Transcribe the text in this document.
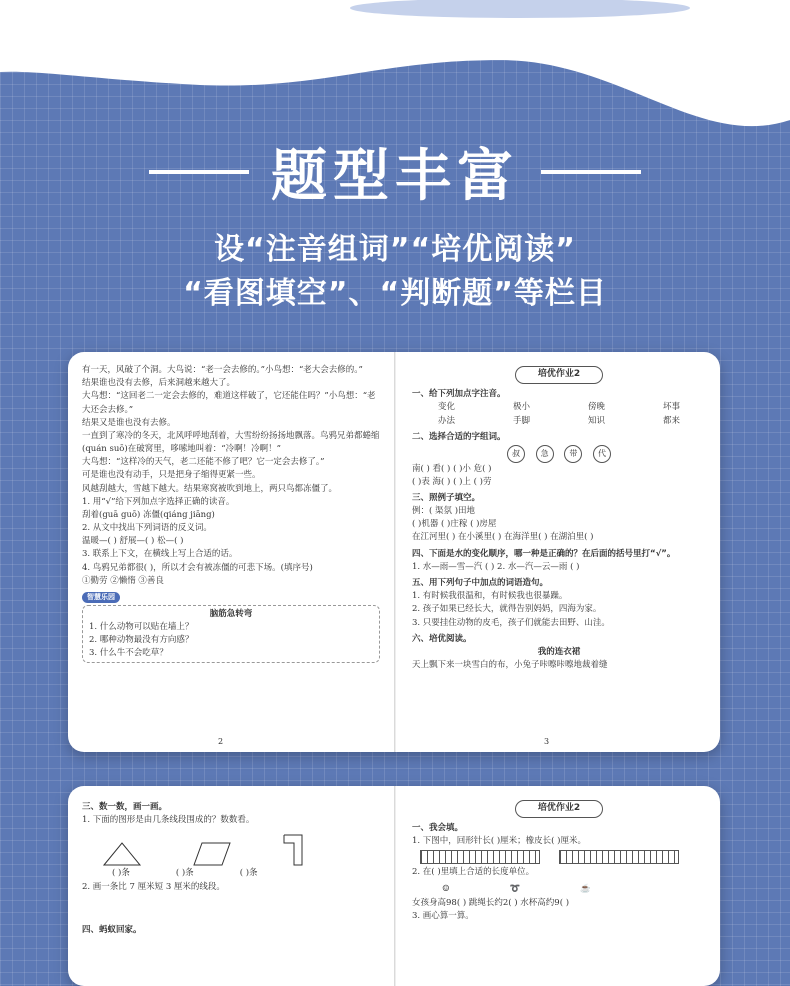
题型丰富
设“注音组词”“培优阅读”
“看图填空”、“判断题”等栏目

有一天，风破了个洞。大鸟说：“老一会去修的。”小鸟想：“老大会去修的。”

结果谁也没有去修，后来洞越来越大了。

大鸟想：“这回老二一定会去修的，难道这样破了，它还能住吗？”小鸟想：“老大还会去修。”

结果又是谁也没有去修。

一直到了寒冷的冬天，北风呼呼地刮着，大雪纷纷扬扬地飘落。鸟鸦兄弟都蜷缩(quán suō)在破窝里，哆嗦地叫着：“冷啊！冷啊！”

大鸟想：“这样冷的天气，老二还能不修了吧？它一定会去修了。”

可是谁也没有动手，只是把身子缩得更紧一些。

风越刮越大，雪越下越大。结果寒窝被吹到地上，两只鸟都冻僵了。

1. 用“√”给下列加点字选择正确的读音。

刮着(guā guō) 冻僵(qiáng jiāng)

2. 从文中找出下列词语的反义词。

温暖—( ) 舒展—( ) 松—( )

3. 联系上下文，在横线上写上合适的话。

4. 鸟鸦兄弟都很( )，所以才会有被冻僵的可悲下场。(填序号)

①勤劳 ②懒惰 ③善良

智慧乐园

脑筋急转弯

1. 什么动物可以贴在墙上？

2. 哪种动物最没有方向感？

3. 什么牛不会吃草？

2
培优作业2

一、给下列加点字注音。

变化	极小	傍晚	坏事
办法	手脚	知识	都来

二、选择合适的字组词。

叔	急	带	代

南( ) 看( ) ( )小 危( )

( )表 海( ) ( )上 ( )劳

三、照例子填空。

例：( 渠氛 )田地

( )机器 ( )庄稼 ( )房屋

在江河里( ) 在小溪里( ) 在海洋里( ) 在湖泊里( )

四、下面是水的变化顺序，哪一种是正确的？在后面的括号里打“√”。

1. 水—雨—雪—汽 ( ) 2. 水—汽—云—雨 ( )

五、用下列句子中加点的词语造句。

1. 有时候我很温和，有时候我也很暴躁。

2. 孩子如果已经长大，就得告别妈妈，四海为家。

3. 只要挂住动物的皮毛，孩子们就能去田野、山洼。

六、培优阅读。

我的连衣裙

天上飘下来一块雪白的布，小兔子咔嚓咔嚓地裁着缝

3

三、数一数，画一画。

1. 下面的图形是由几条线段围成的？数数看。

( )条	( )条	( )条

2. 画一条比 7 厘米短 3 厘米的线段。

四、蚂蚁回家。

培优作业2

一、我会填。

1. 下图中，回形针长( )厘米；橡皮长( )厘米。

2. 在( )里填上合适的长度单位。

☺	➰	☕

女孩身高98( ) 跳绳长约2( ) 水杯高约9( )

3. 画心算一算。
